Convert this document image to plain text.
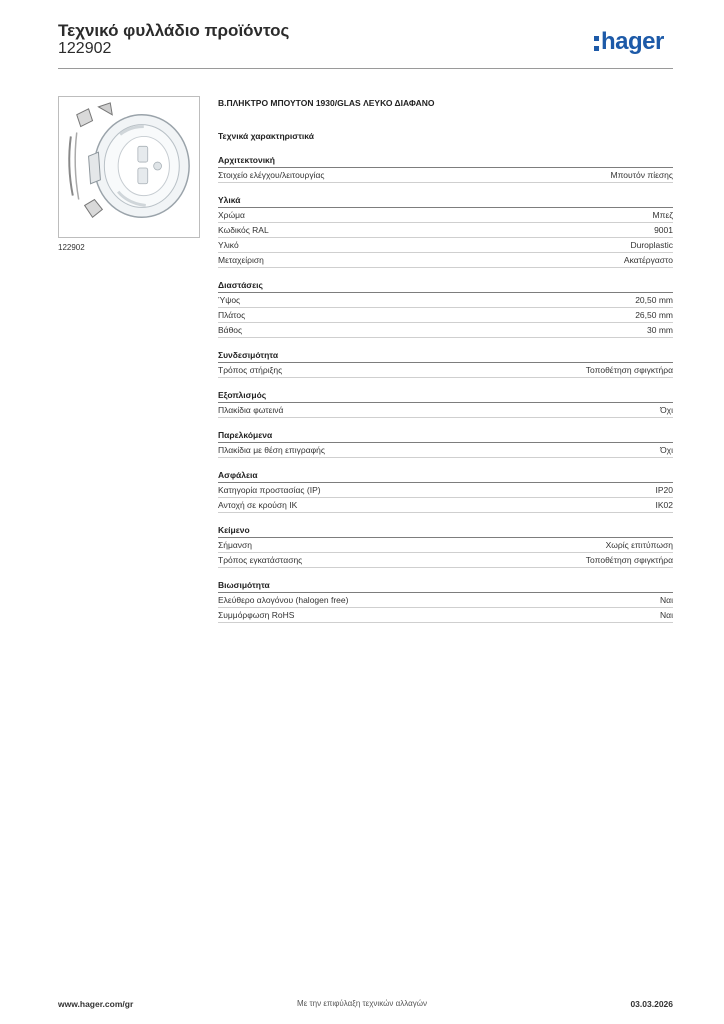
Τεχνικό φυλλάδιο προϊόντος
122902	hager
122902
Β.ΠΛΗΚΤΡΟ ΜΠΟΥΤΟΝ 1930/GLAS ΛΕΥΚΟ ΔΙΑΦΑΝΟ
Τεχνικά χαρακτηριστικά
Αρχιτεκτονική
Στοιχείο ελέγχου/λειτουργίας	Μπουτόν πίεσης
Υλικά
Χρώμα	Μπεζ
Κωδικός RAL	9001
Υλικό	Duroplastic
Μεταχείριση	Ακατέργαστο
Διαστάσεις
Ύψος	20,50 mm
Πλάτος	26,50 mm
Βάθος	30 mm
Συνδεσιμότητα
Τρόπος στήριξης	Τοποθέτηση σφιγκτήρα
Εξοπλισμός
Πλακίδια φωτεινά	Όχι
Παρελκόμενα
Πλακίδια με θέση επιγραφής	Όχι
Ασφάλεια
Κατηγορία προστασίας (IP)	IP20
Αντοχή σε κρούση IK	IK02
Κείμενο
Σήμανση	Χωρίς επιτύπωση
Τρόπος εγκατάστασης	Τοποθέτηση σφιγκτήρα
Βιωσιμότητα
Ελεύθερο αλογόνου (halogen free)	Ναι
Συμμόρφωση RoHS	Ναι
www.hager.com/gr	Με την επιφύλαξη τεχνικών αλλαγών	03.03.2026
